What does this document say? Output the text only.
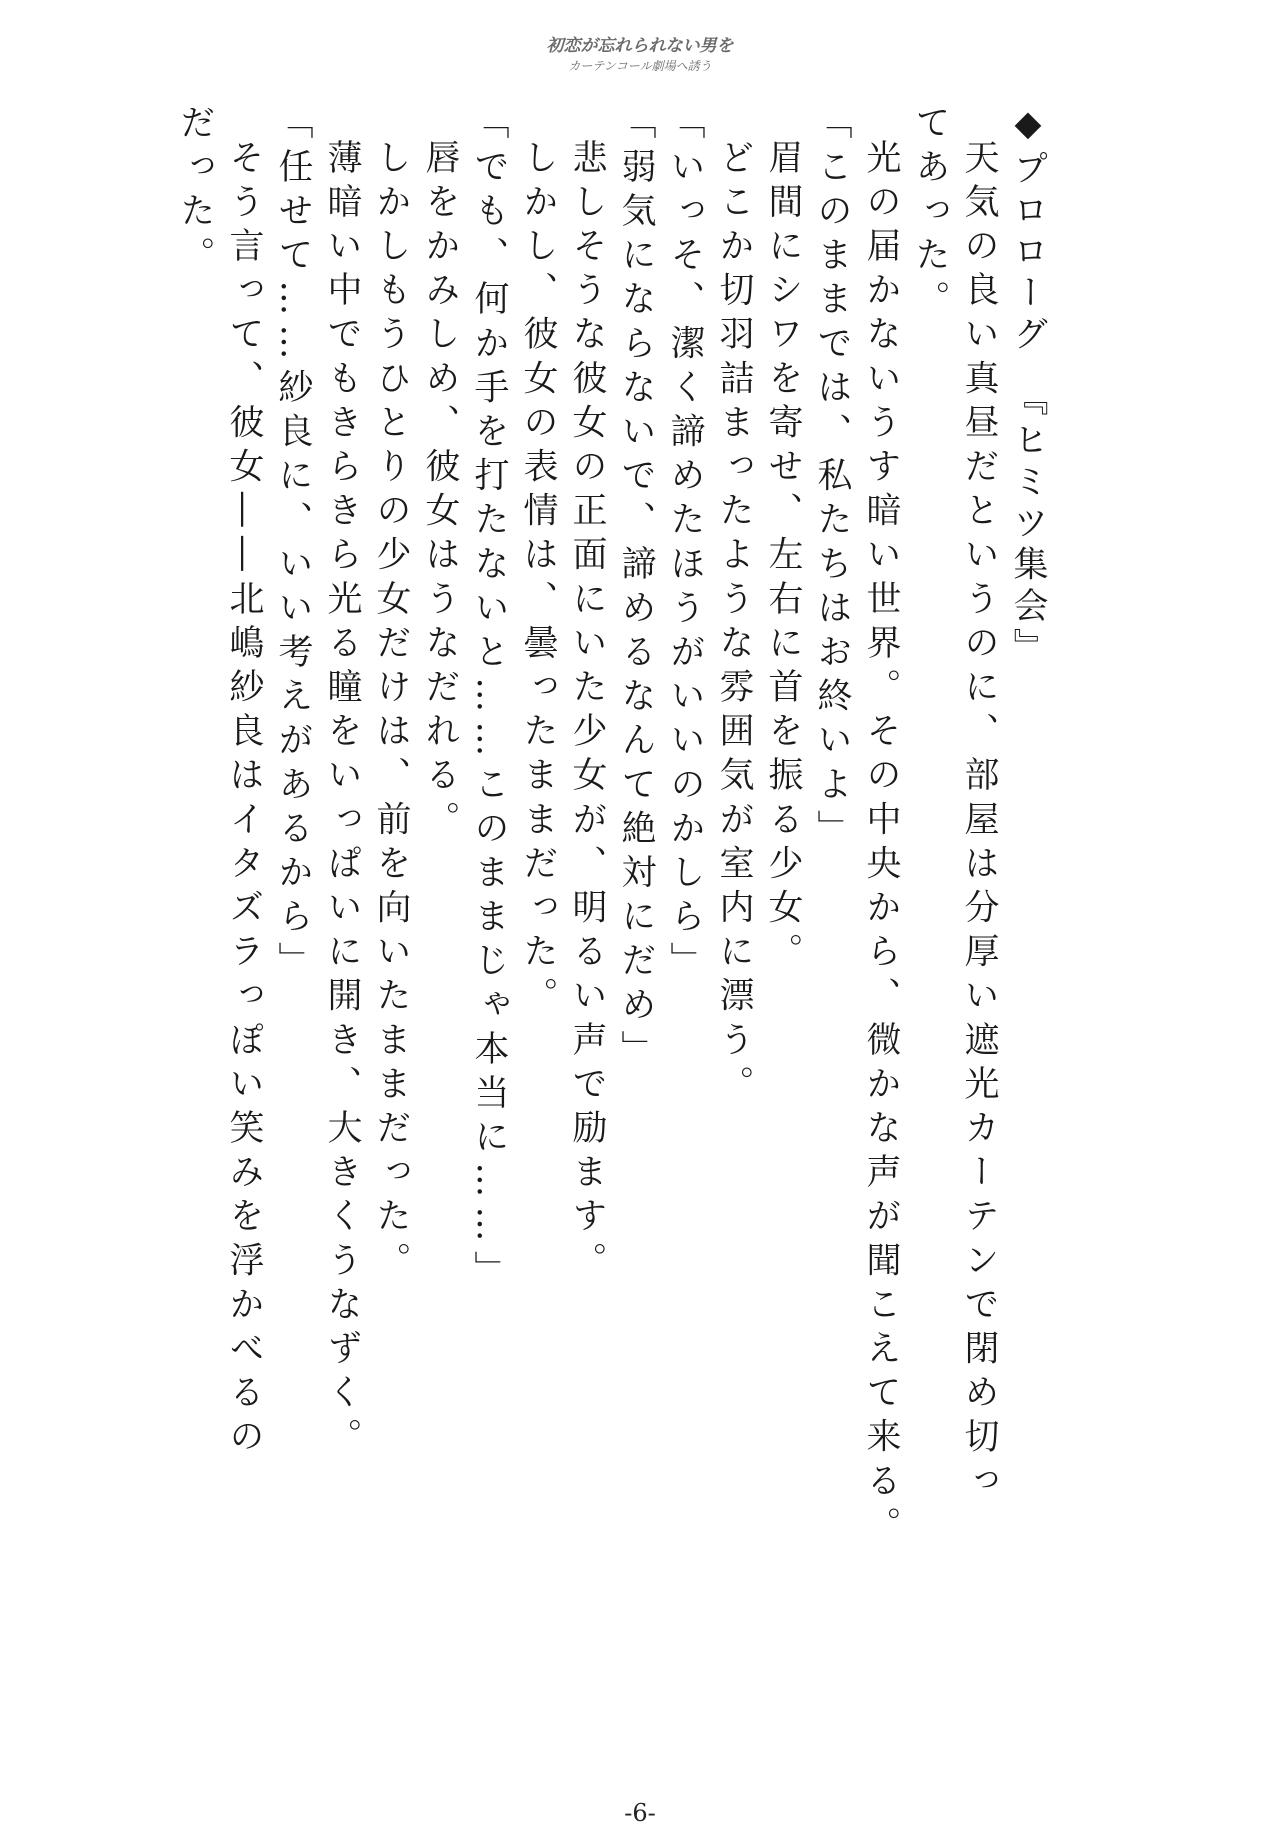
初恋が忘れられない男を
カーテンコール劇場へ誘う
◆プロローグ　『ヒミツ集会』
天気の良い真昼だというのに、部屋は分厚い遮光カーテンで閉め切っ
てあった。
光の届かないうす暗い世界。その中央から、微かな声が聞こえて来る。
「このままでは、私たちはお終いよ」
眉間にシワを寄せ、左右に首を振る少女。
どこか切羽詰まったような雰囲気が室内に漂う。
「いっそ、潔く諦めたほうがいいのかしら」
「弱気にならないで、諦めるなんて絶対にだめ」
悲しそうな彼女の正面にいた少女が、明るい声で励ます。
しかし、彼女の表情は、曇ったままだった。
「でも、何か手を打たないと……このままじゃ本当に……」
唇をかみしめ、彼女はうなだれる。
しかしもうひとりの少女だけは、前を向いたままだった。
薄暗い中でもきらきら光る瞳をいっぱいに開き、大きくうなずく。
「任せて……紗良に、いい考えがあるから」
そう言って、彼女――北嶋紗良はイタズラっぽい笑みを浮かべるの
だった。
-6-
